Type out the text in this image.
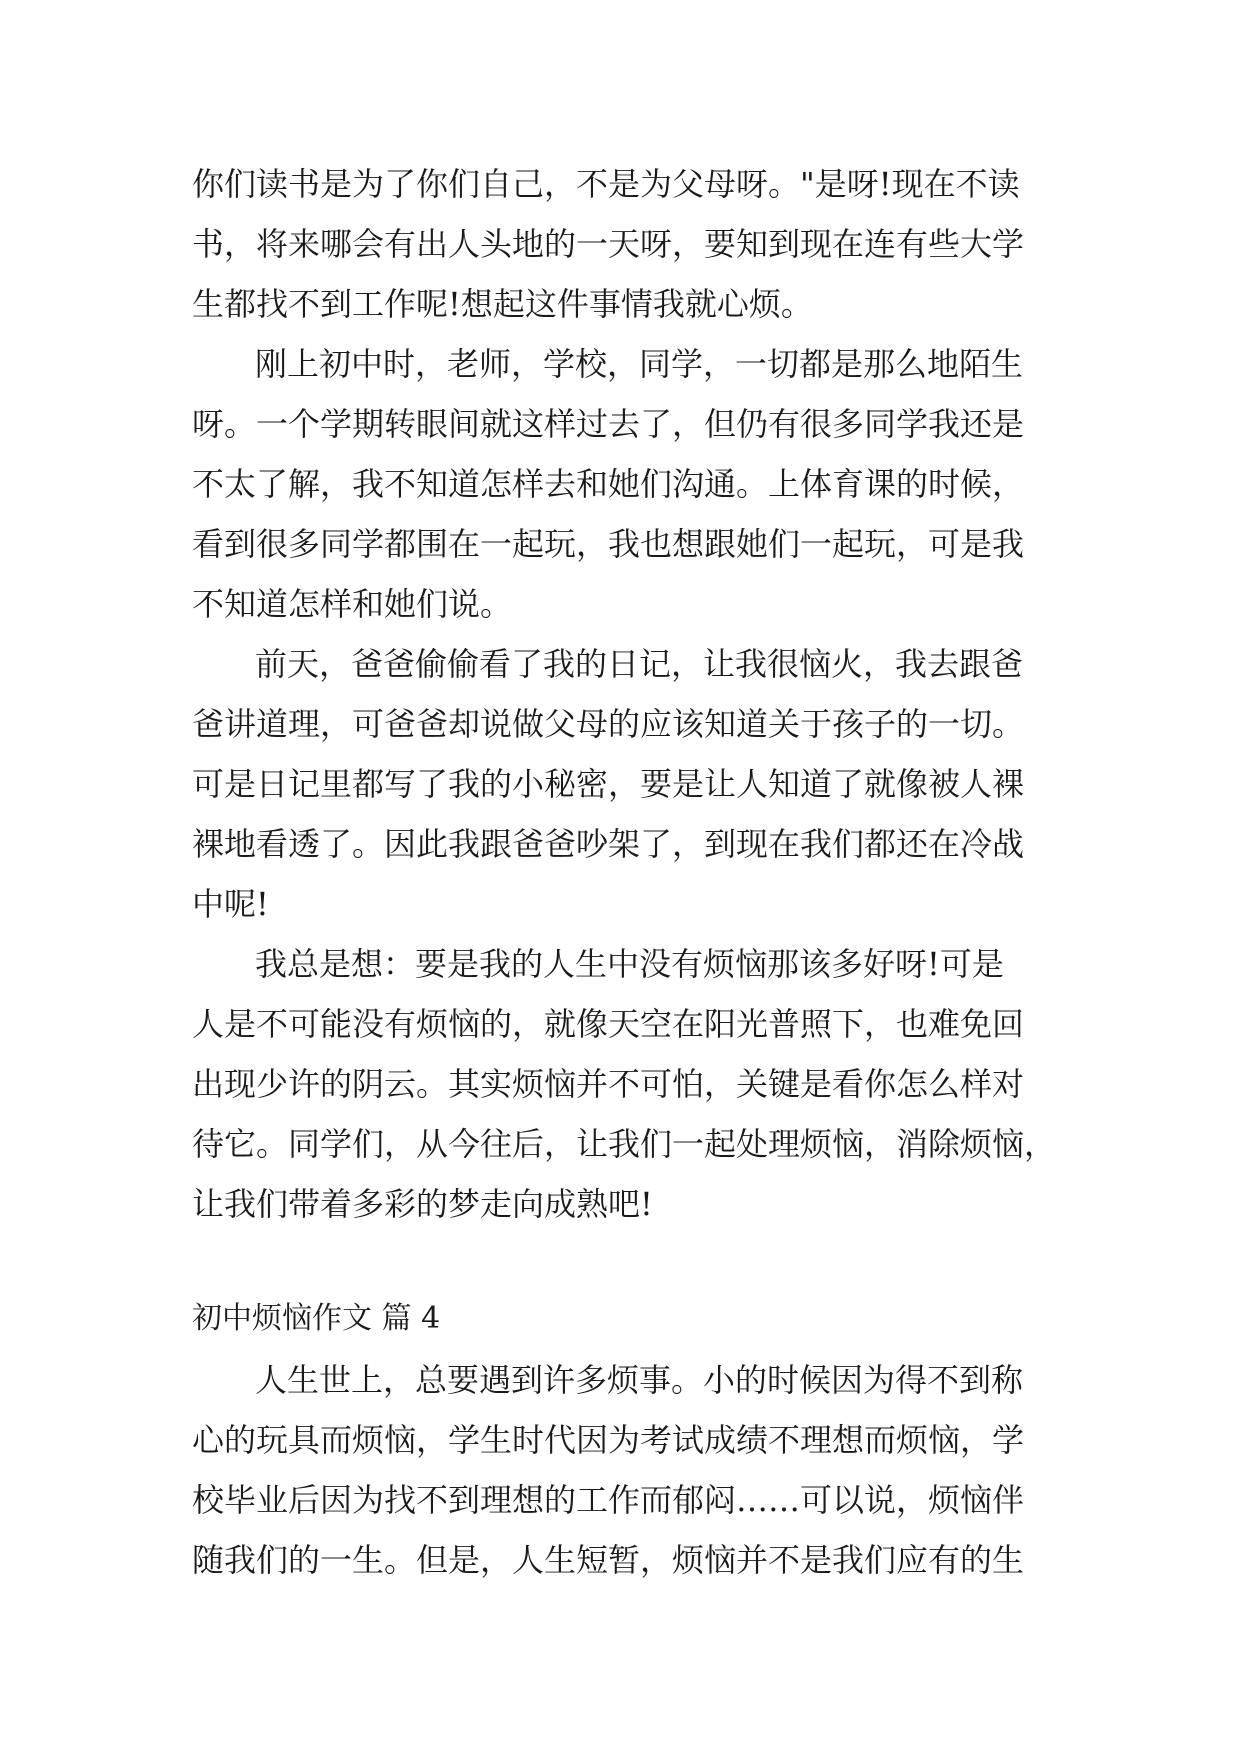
你们读书是为了你们自己，不是为父母呀。"是呀!现在不读
书，将来哪会有出人头地的一天呀，要知到现在连有些大学
生都找不到工作呢!想起这件事情我就心烦。
刚上初中时，老师，学校，同学，一切都是那么地陌生
呀。一个学期转眼间就这样过去了，但仍有很多同学我还是
不太了解，我不知道怎样去和她们沟通。上体育课的时候，
看到很多同学都围在一起玩，我也想跟她们一起玩，可是我
不知道怎样和她们说。
前天，爸爸偷偷看了我的日记，让我很恼火，我去跟爸
爸讲道理，可爸爸却说做父母的应该知道关于孩子的一切。
可是日记里都写了我的小秘密，要是让人知道了就像被人裸
裸地看透了。因此我跟爸爸吵架了，到现在我们都还在冷战
中呢!
我总是想：要是我的人生中没有烦恼那该多好呀!可是
人是不可能没有烦恼的，就像天空在阳光普照下，也难免回
出现少许的阴云。其实烦恼并不可怕，关键是看你怎么样对
待它。同学们，从今往后，让我们一起处理烦恼，消除烦恼，
让我们带着多彩的梦走向成熟吧!
初中烦恼作文 篇 4
人生世上，总要遇到许多烦事。小的时候因为得不到称
心的玩具而烦恼，学生时代因为考试成绩不理想而烦恼，学
校毕业后因为找不到理想的工作而郁闷……可以说，烦恼伴
随我们的一生。但是，人生短暂，烦恼并不是我们应有的生
